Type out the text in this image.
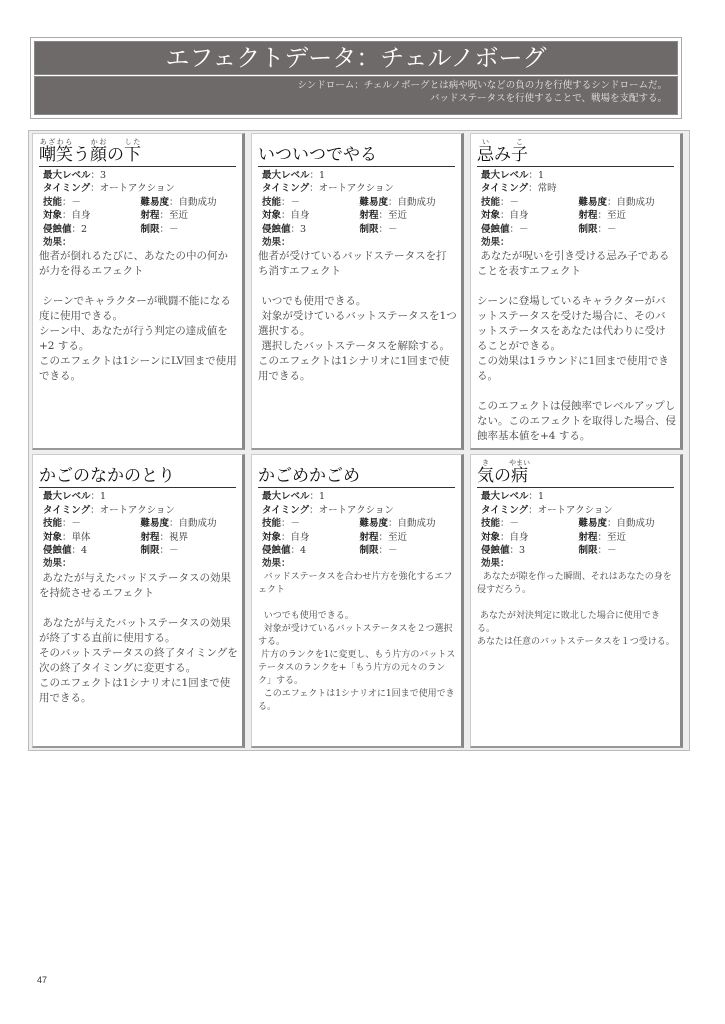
エフェクトデータ：チェルノボーグ
シンドローム：チェルノボーグとは病や呪いなどの負の力を行使するシンドロームだ。
バッドステータスを行使することで、戦場を支配する。
嘲笑あざわらう顔かおの下した
最大レベル：3
タイミング：オートアクション
技能：－	難易度：自動成功
対象：自身	射程：至近
侵蝕値：2	制限：－
効果：
他者が倒れるたびに、あなたの中の何かが力を得るエフェクト
シーンでキャラクターが戦闘不能になる度に使用できる。
シーン中、あなたが行う判定の達成値を+2 する。
このエフェクトは1シーンにLV回まで使用できる。
いついつでやる
最大レベル：1
タイミング：オートアクション
技能：－	難易度：自動成功
対象：自身	射程：至近
侵蝕値：3	制限：－
効果：
他者が受けているバッドステータスを打ち消すエフェクト
いつでも使用できる。
対象が受けているバットステータスを1つ選択する。
選択したバットステータスを解除する。
このエフェクトは1シナリオに1回まで使用できる。
忌いみ子こ
最大レベル：1
タイミング：常時
技能：－	難易度：自動成功
対象：自身	射程：至近
侵蝕値：－	制限：－
効果：
あなたが呪いを引き受ける忌み子であることを表すエフェクト
シーンに登場しているキャラクターがバットステータスを受けた場合に、そのバットステータスをあなたは代わりに受けることができる。
この効果は1ラウンドに1回まで使用できる。
このエフェクトは侵蝕率でレベルアップしない。このエフェクトを取得した場合、侵蝕率基本値を+4 する。
かごのなかのとり
最大レベル：1
タイミング：オートアクション
技能：－	難易度：自動成功
対象：単体	射程：視界
侵蝕値：4	制限：－
効果：
あなたが与えたバッドステータスの効果を持続させるエフェクト
あなたが与えたバットステータスの効果が終了する直前に使用する。
そのバットステータスの終了タイミングを次の終了タイミングに変更する。
このエフェクトは1シナリオに1回まで使用できる。
かごめかごめ
最大レベル：1
タイミング：オートアクション
技能：－	難易度：自動成功
対象：自身	射程：至近
侵蝕値：4	制限：－
効果：
バッドステータスを合わせ片方を強化するエフェクト
いつでも使用できる。
対象が受けているバットステータスを２つ選択する。
片方のランクを1に変更し、もう片方のバットステータスのランクを+「もう片方の元々のランク」する。
このエフェクトは1シナリオに1回まで使用できる。
気きの病やまい
最大レベル：1
タイミング：オートアクション
技能：－	難易度：自動成功
対象：自身	射程：至近
侵蝕値：3	制限：－
効果：
あなたが隙を作った瞬間、それはあなたの身を侵すだろう。
あなたが対決判定に敗北した場合に使用できる。
あなたは任意のバットステータスを１つ受ける。
47
